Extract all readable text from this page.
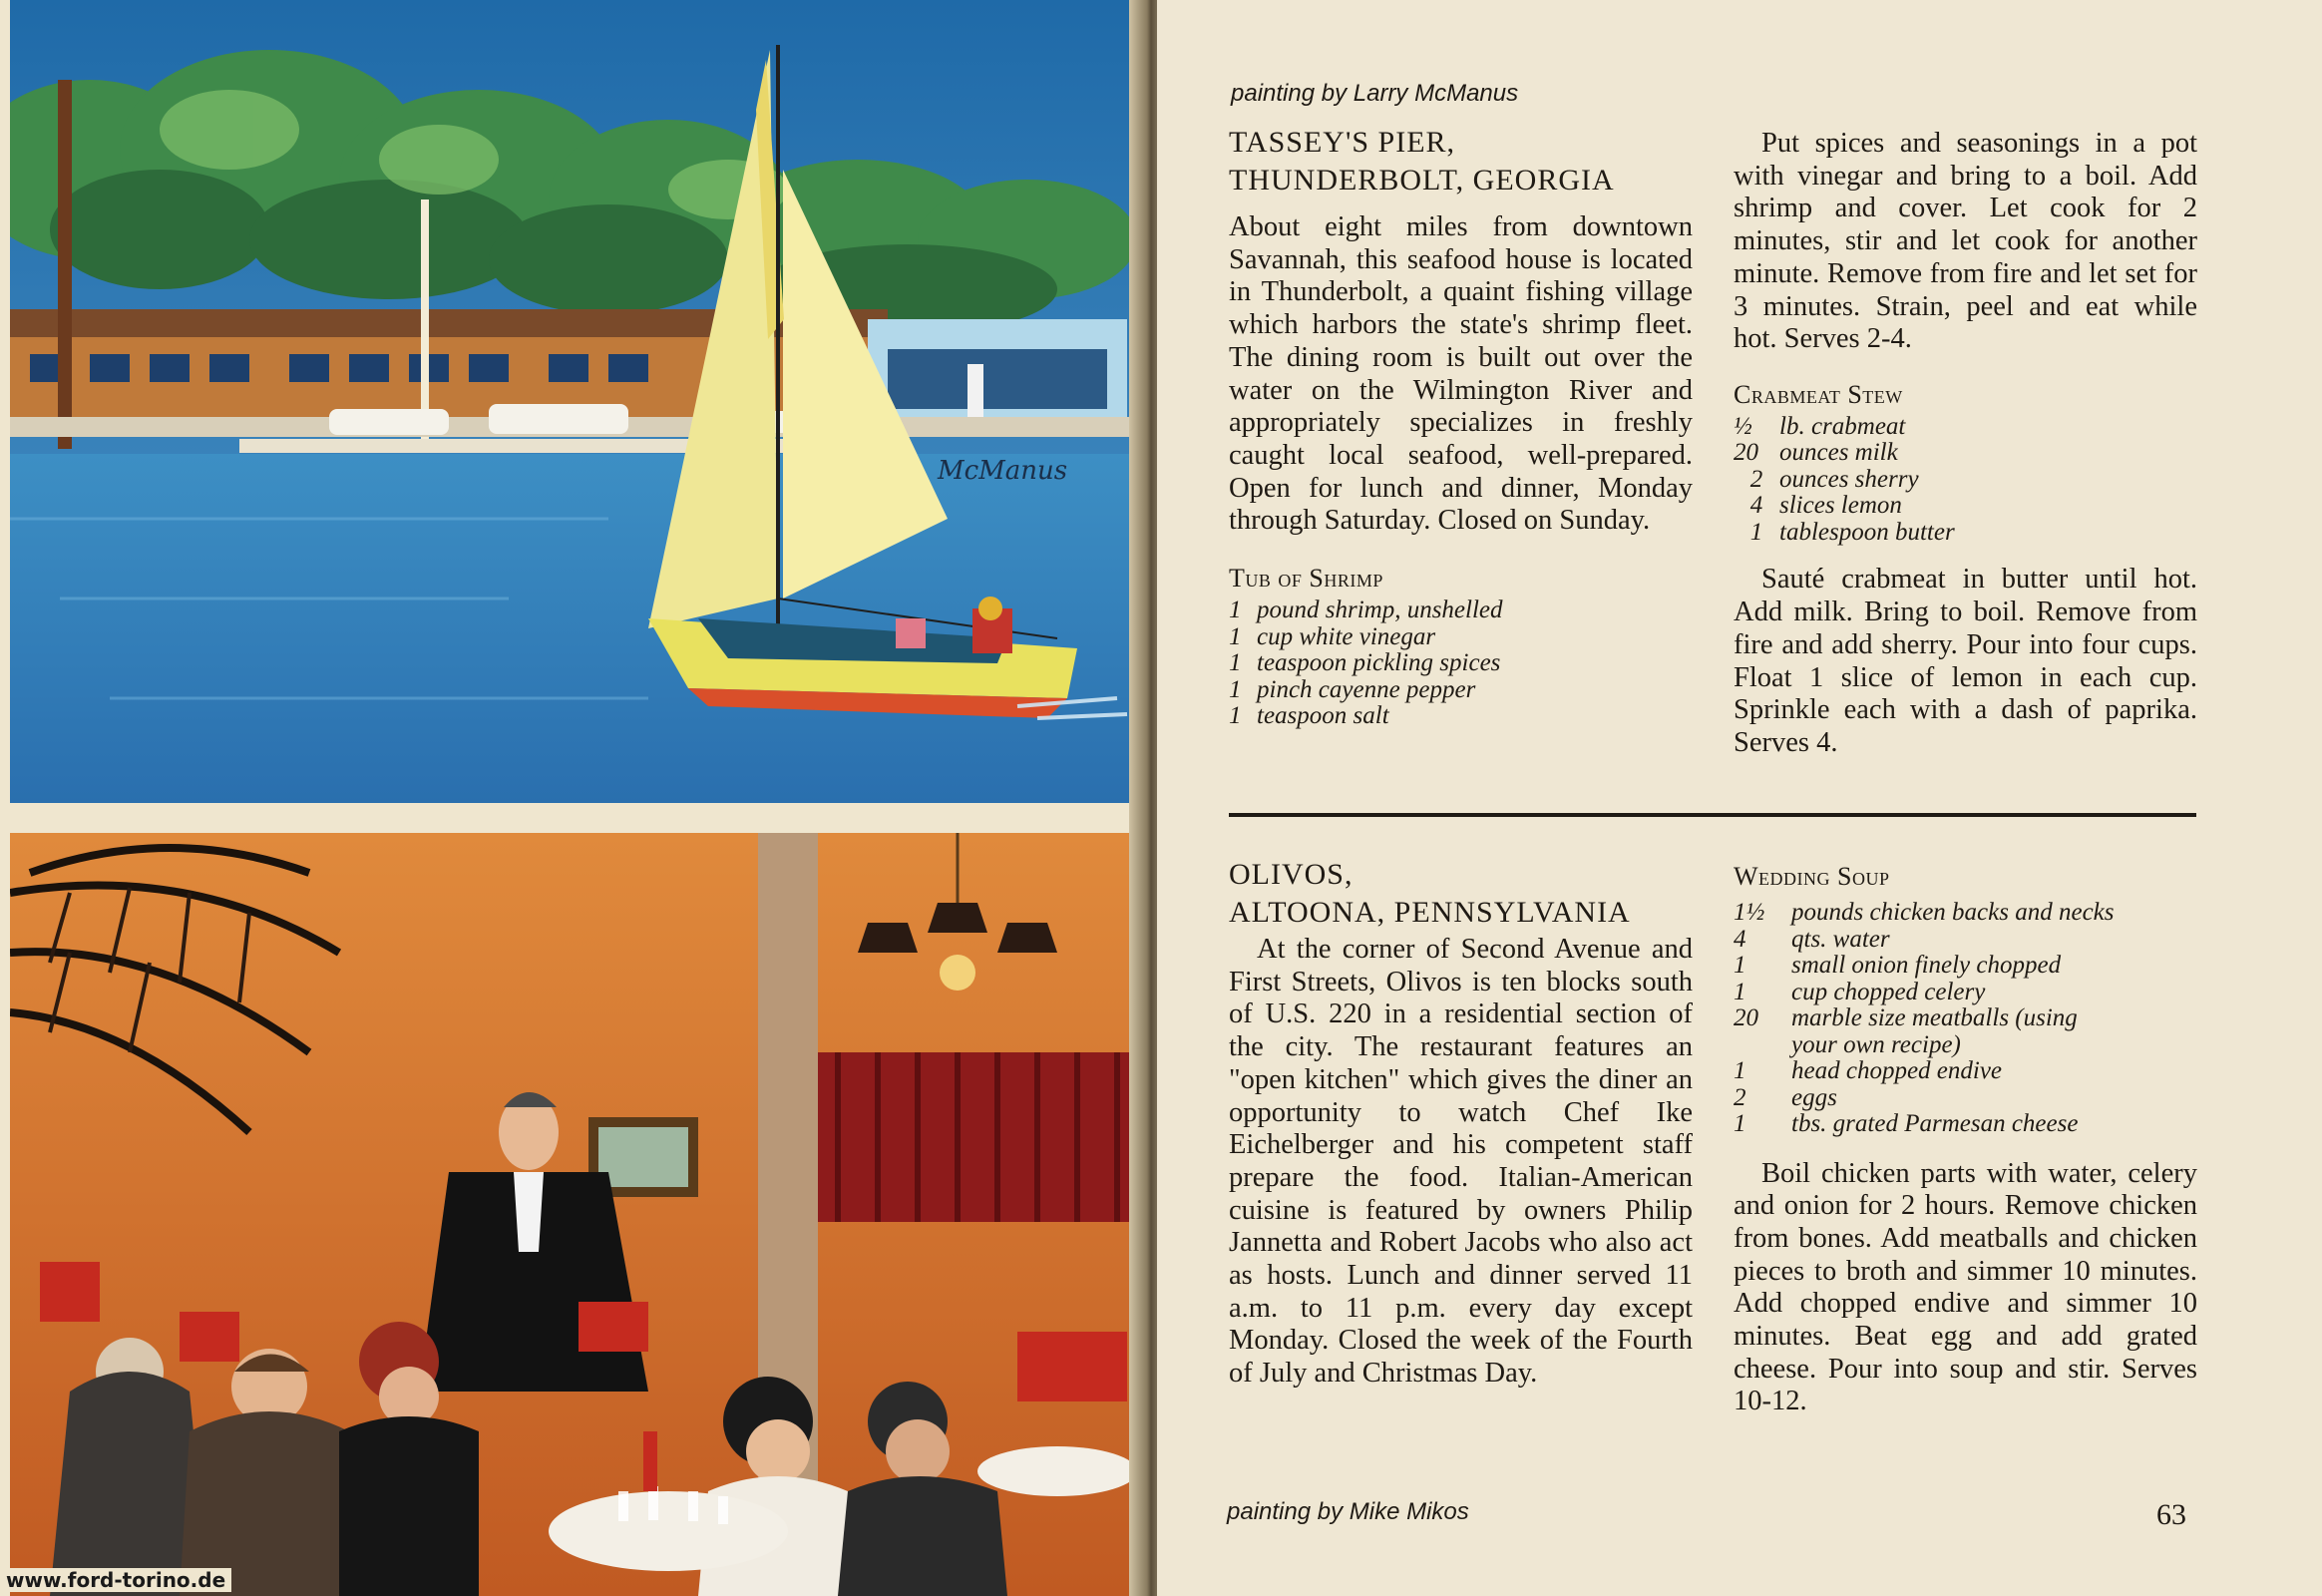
McManus
www.ford-torino.de
painting by Larry McManus
TASSEY'S PIER,
THUNDERBOLT, GEORGIA

About eight miles from downtown Savannah, this seafood house is located in Thunderbolt, a quaint fishing village which harbors the state's shrimp fleet. The dining room is built out over the water on the Wilmington River and appropriately specializes in freshly caught local seafood, well-prepared. Open for lunch and dinner, Monday through Saturday. Closed on Sunday.

Tub of Shrimp
1 pound shrimp, unshelled
1 cup white vinegar
1 teaspoon pickling spices
1 pinch cayenne pepper
1 teaspoon salt

Put spices and seasonings in a pot with vinegar and bring to a boil. Add shrimp and cover. Let cook for 2 minutes, stir and let cook for another minute. Remove from fire and let set for 3 minutes. Strain, peel and eat while hot. Serves 2-4.

Crabmeat Stew
½	lb. crabmeat
20 ounces milk
2 ounces sherry
4 slices lemon
1 tablespoon butter

Sauté crabmeat in butter until hot. Add milk. Bring to boil. Remove from fire and add sherry. Pour into four cups. Float 1 slice of lemon in each cup. Sprinkle each with a dash of paprika. Serves 4.

OLIVOS,
ALTOONA, PENNSYLVANIA

At the corner of Second Avenue and First Streets, Olivos is ten blocks south of U.S. 220 in a residential section of the city. The restaurant features an "open kitchen" which gives the diner an opportunity to watch Chef Ike Eichelberger and his competent staff prepare the food. Italian-American cuisine is featured by owners Philip Jannetta and Robert Jacobs who also act as hosts. Lunch and dinner served 11 a.m. to 11 p.m. every day except Monday. Closed the week of the Fourth of July and Christmas Day.

Wedding Soup
1½	pounds chicken backs and necks
4	qts. water
1	small onion finely chopped
1	cup chopped celery
20	marble size meatballs (using
your own recipe)
1	head chopped endive
2	eggs
1	tbs. grated Parmesan cheese

Boil chicken parts with water, celery and onion for 2 hours. Remove chicken from bones. Add meatballs and chicken pieces to broth and simmer 10 minutes. Add chopped endive and simmer 10 minutes. Beat egg and add grated cheese. Pour into soup and stir. Serves 10-12.

painting by Mike Mikos	63
